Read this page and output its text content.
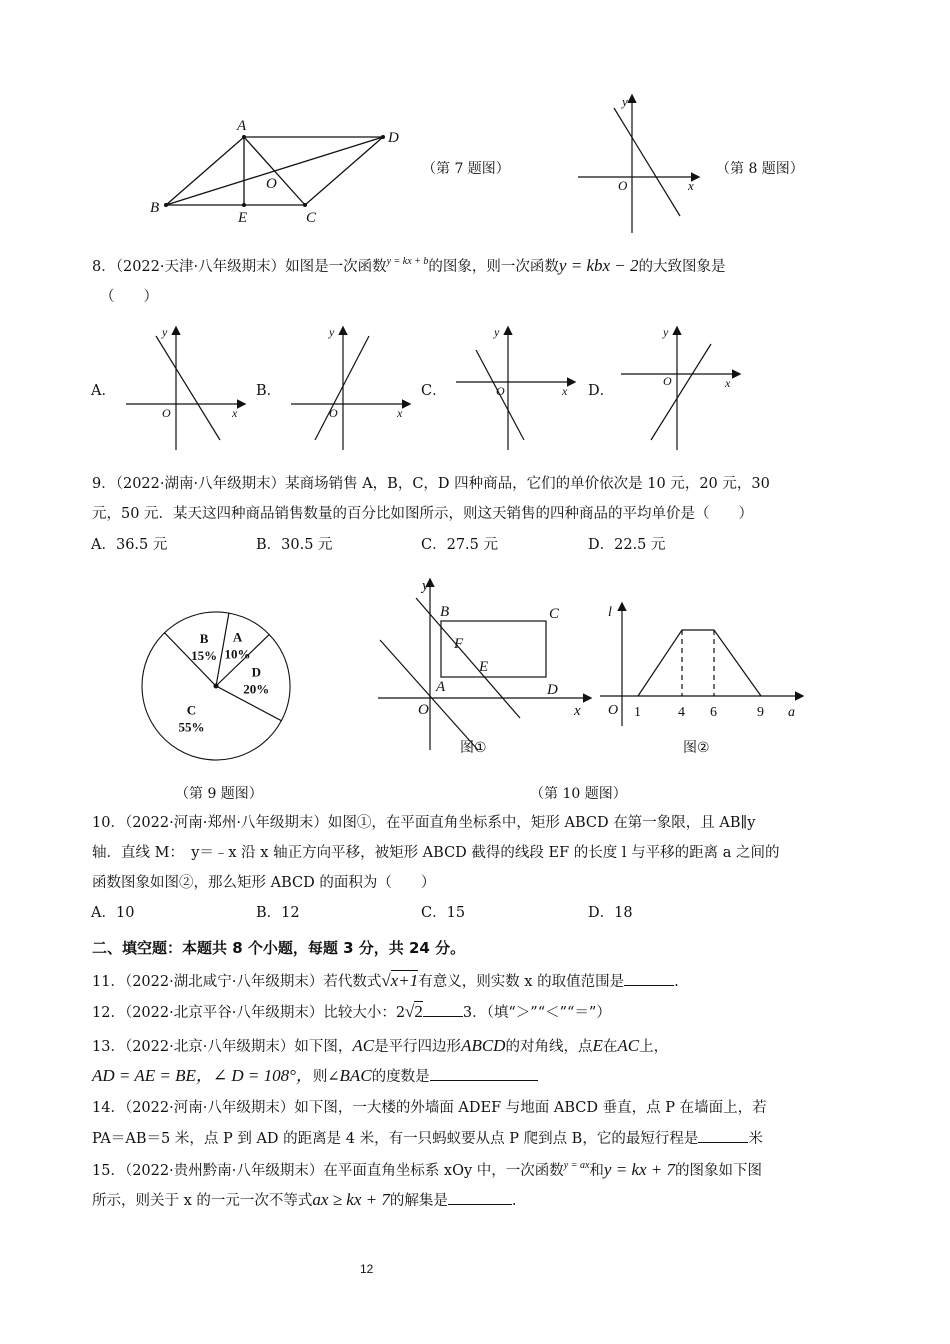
A
D
B
E	C
O
（第 7 题图）
y
x
O
（第 8 题图）
8．（2022·天津·八年级期末）如图是一次函数$^{y = kx + b}$的图象，则一次函数y = kbx − 2的大致图象是
（　　）
A．	B．	C．	D．
y
x
O
y
x
O
y
x
O
y
x
O
9．（2022·湖南·八年级期末）某商场销售 A，B，C，D 四种商品，它们的单价依次是 10 元，20 元，30
元，50 元．某天这四种商品销售数量的百分比如图所示，则这天销售的四种商品的平均单价是（　　）
A．36.5 元	B．30.5 元	C．27.5 元	D．22.5 元
A
10%
D
20%
C
55%
B
15%
（第 9 题图）
y
x
O
B	C
A	D
F
E
图①
l
a
O 1	4 6	9
图②
（第 10 题图）
10．（2022·河南·郑州·八年级期末）如图①，在平面直角坐标系中，矩形 ABCD 在第一象限，且 AB∥y
轴．直线 M：　y＝﹣x 沿 x 轴正方向平移，被矩形 ABCD 截得的线段 EF 的长度 l 与平移的距离 a 之间的
函数图象如图②，那么矩形 ABCD 的面积为（　　）
A．10	B．12	C．15	D．18
二、填空题：本题共 8 个小题，每题 3 分，共 24 分。
11．（2022·湖北咸宁·八年级期末）若代数式√x+1有意义，则实数 x 的取值范围是	.
12．（2022·北京平谷·八年级期末）比较大小：2√2	3．（填“＞”“＜”“＝”）
13．（2022·北京·八年级期末）如下图，AC是平行四边形ABCD的对角线，点E在AC上，
AD = AE = BE，∠ D = 108°，则∠BAC的度数是
14．（2022·河南·八年级期末）如下图，一大楼的外墙面 ADEF 与地面 ABCD 垂直，点 P 在墙面上，若
PA＝AB＝5 米，点 P 到 AD 的距离是 4 米，有一只蚂蚁要从点 P 爬到点 B，它的最短行程是	米
15．（2022·贵州黔南·八年级期末）在平面直角坐标系 xOy 中，一次函数$^{y = ax}$和y = kx + 7的图象如下图
所示，则关于 x 的一元一次不等式ax ≥ kx + 7的解集是	.
12
